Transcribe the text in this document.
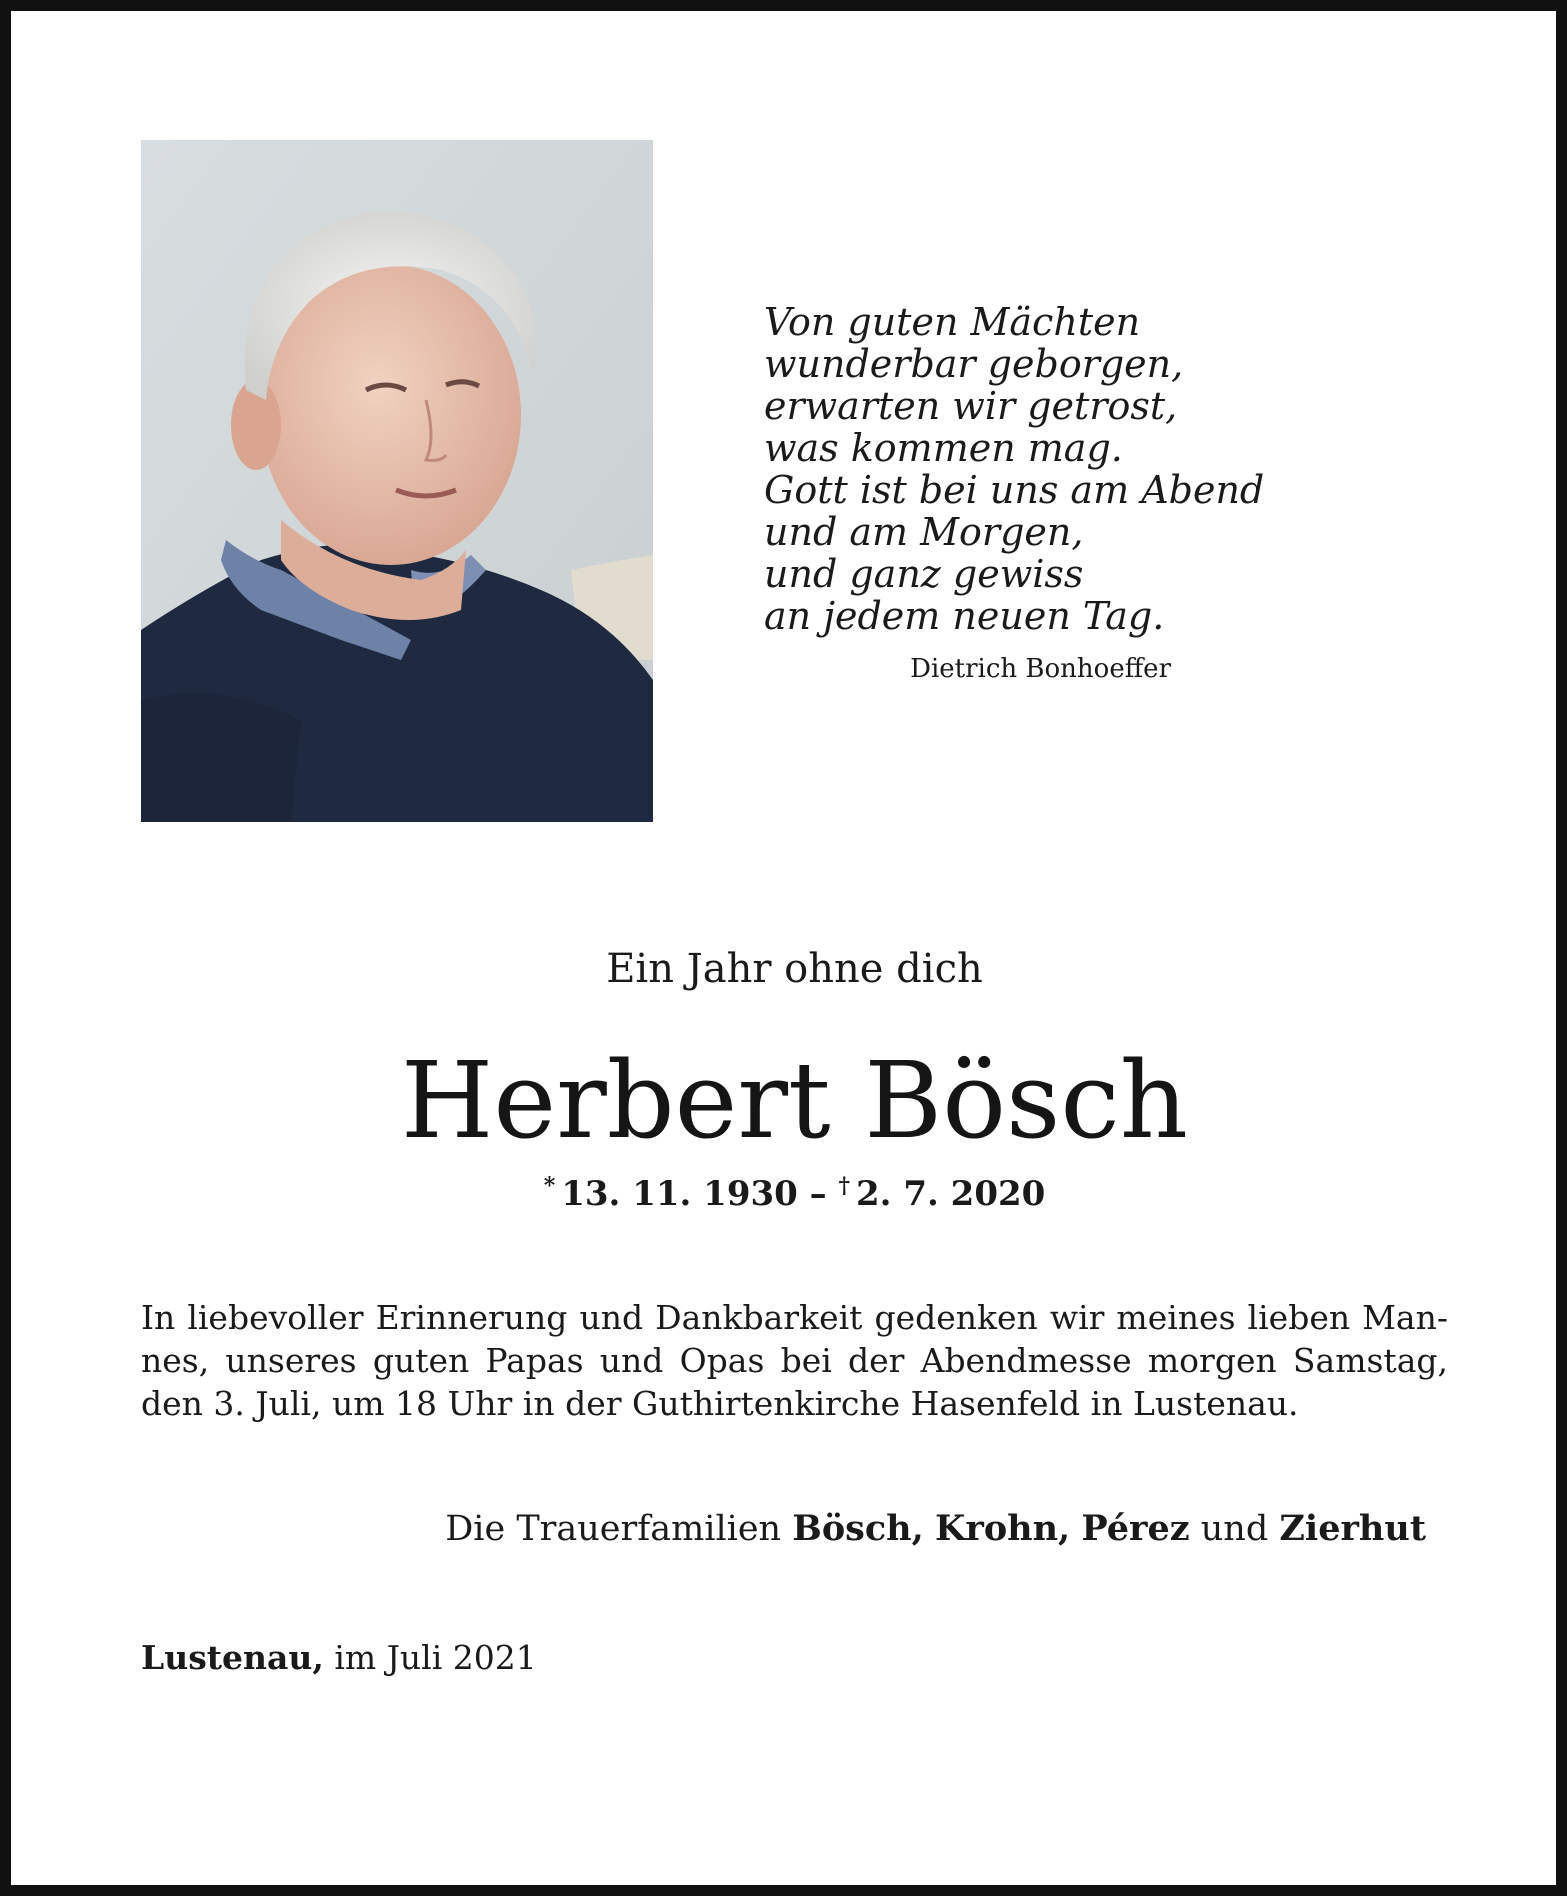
Von guten Mächten
wunderbar geborgen,
erwarten wir getrost,
was kommen mag.
Gott ist bei uns am Abend
und am Morgen,
und ganz gewiss
an jedem neuen Tag.
Dietrich Bonhoeffer
Ein Jahr ohne dich
Herbert Bösch
* 13. 11. 1930 – † 2. 7. 2020
In liebevoller Erinnerung und Dankbarkeit gedenken wir meines lieben Man-
nes, unseres guten Papas und Opas bei der Abendmesse morgen Samstag,
den 3. Juli, um 18 Uhr in der Guthirtenkirche Hasenfeld in Lustenau.
Die Trauerfamilien Bösch, Krohn, Pérez und Zierhut
Lustenau, im Juli 2021
